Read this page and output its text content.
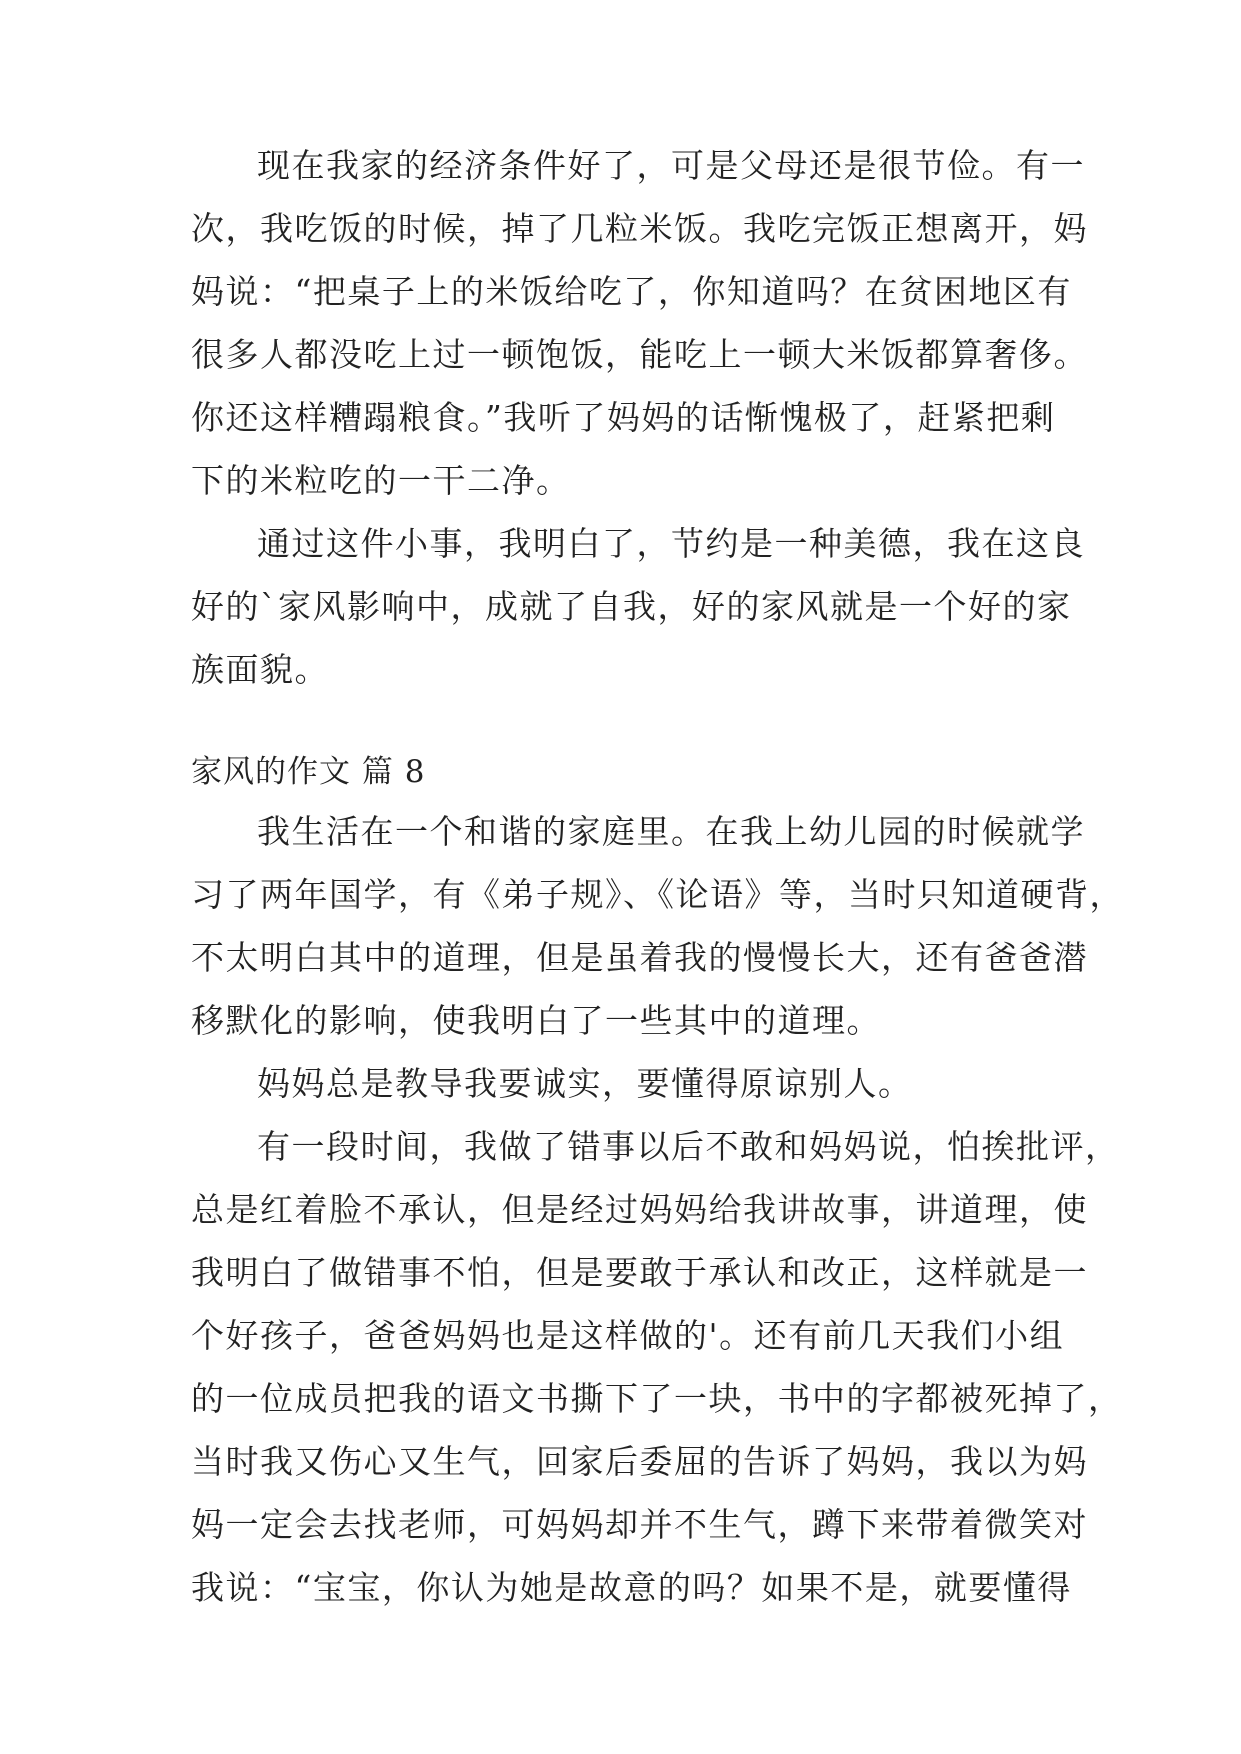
现在我家的经济条件好了，可是父母还是很节俭。有一
次，我吃饭的时候，掉了几粒米饭。我吃完饭正想离开，妈
妈说：“把桌子上的米饭给吃了，你知道吗？在贫困地区有
很多人都没吃上过一顿饱饭，能吃上一顿大米饭都算奢侈。
你还这样糟蹋粮食。”我听了妈妈的话惭愧极了，赶紧把剩
下的米粒吃的一干二净。
通过这件小事，我明白了，节约是一种美德，我在这良
好的`家风影响中，成就了自我，好的家风就是一个好的家
族面貌。
家风的作文 篇 8
我生活在一个和谐的家庭里。在我上幼儿园的时候就学
习了两年国学，有《弟子规》、《论语》等，当时只知道硬背，
不太明白其中的道理，但是虽着我的慢慢长大，还有爸爸潜
移默化的影响，使我明白了一些其中的道理。
妈妈总是教导我要诚实，要懂得原谅别人。
有一段时间，我做了错事以后不敢和妈妈说，怕挨批评，
总是红着脸不承认，但是经过妈妈给我讲故事，讲道理，使
我明白了做错事不怕，但是要敢于承认和改正，这样就是一
个好孩子，爸爸妈妈也是这样做的'。还有前几天我们小组
的一位成员把我的语文书撕下了一块，书中的字都被死掉了，
当时我又伤心又生气，回家后委屈的告诉了妈妈，我以为妈
妈一定会去找老师，可妈妈却并不生气，蹲下来带着微笑对
我说：“宝宝，你认为她是故意的吗？如果不是，就要懂得
